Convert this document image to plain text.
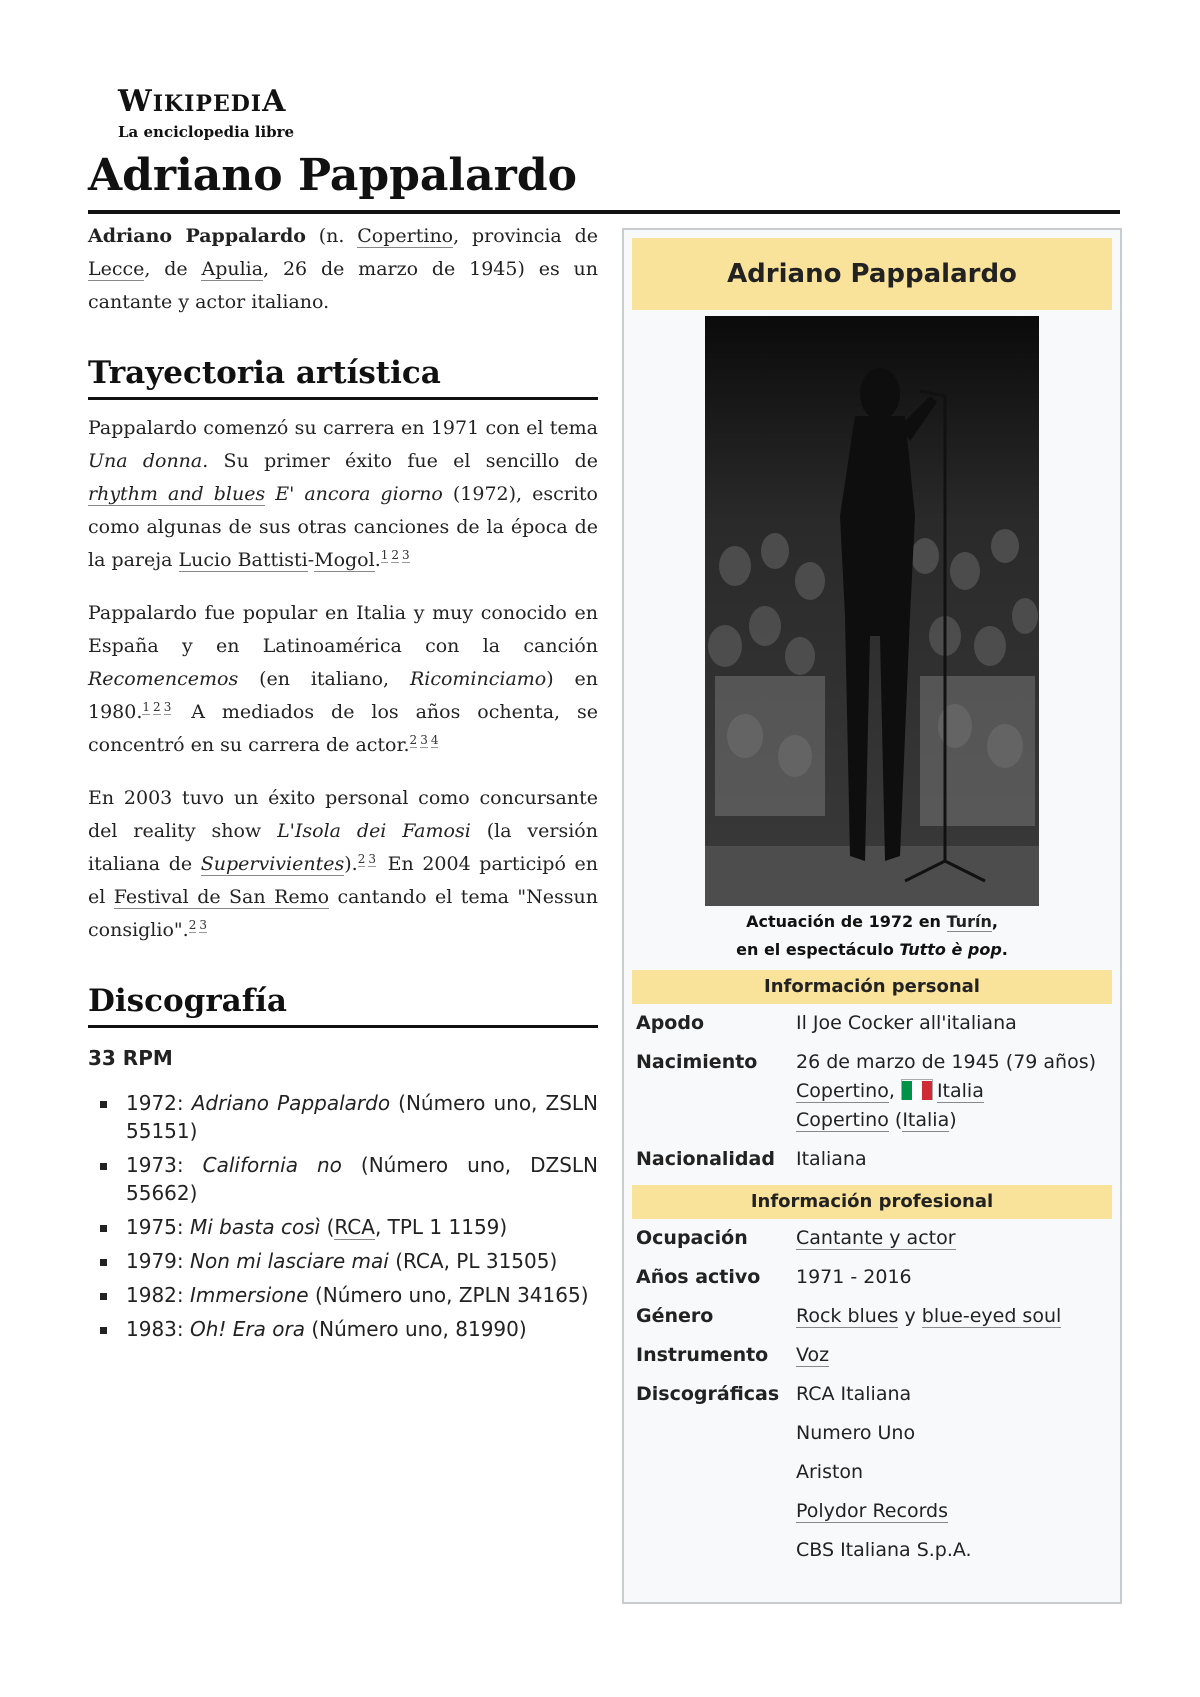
WIKIPEDIA
La enciclopedia libre
Adriano Pappalardo

Adriano Pappalardo (n. Copertino, provincia de Lecce, de Apulia, 26 de marzo de 1945) es un cantante y actor italiano.

Trayectoria artística

Pappalardo comenzó su carrera en 1971 con el tema Una donna. Su primer éxito fue el sencillo de rhythm and blues E' ancora giorno (1972), escrito como algunas de sus otras canciones de la época de la pareja Lucio Battisti-Mogol.$^{1 2 3}$

Pappalardo fue popular en Italia y muy conocido en España y en Latinoamérica con la canción Recomencemos (en italiano, Ricominciamo) en 1980.$^{1 2 3}$ A mediados de los años ochenta, se concentró en su carrera de actor.$^{2 3 4}$

En 2003 tuvo un éxito personal como concursante del reality show L'Isola dei Famosi (la versión italiana de Supervivientes).$^{2 3}$ En 2004 participó en el Festival de San Remo cantando el tema "Nessun consiglio".$^{2 3}$

Discografía
33 RPM
1972: Adriano Pappalardo (Número uno, ZSLN 55151)
1973: California no (Número uno, DZSLN 55662)
1975: Mi basta così (RCA, TPL 1 1159)
1979: Non mi lasciare mai (RCA, PL 31505)
1982: Immersione (Número uno, ZPLN 34165)
1983: Oh! Era ora (Número uno, 81990)
Adriano Pappalardo
Actuación de 1972 en Turín,
en el espectáculo Tutto è pop.
Información personal
Apodo	Il Joe Cocker all'italiana
Nacimiento	26 de marzo de 1945 (79 años)
Copertino, Italia
Copertino (Italia)
Nacionalidad	Italiana
Información profesional
Ocupación	Cantante y actor
Años activo	1971 - 2016
Género	Rock blues y blue-eyed soul
Instrumento	Voz
Discográficas RCA Italiana
Numero Uno
Ariston
Polydor Records
CBS Italiana S.p.A.
